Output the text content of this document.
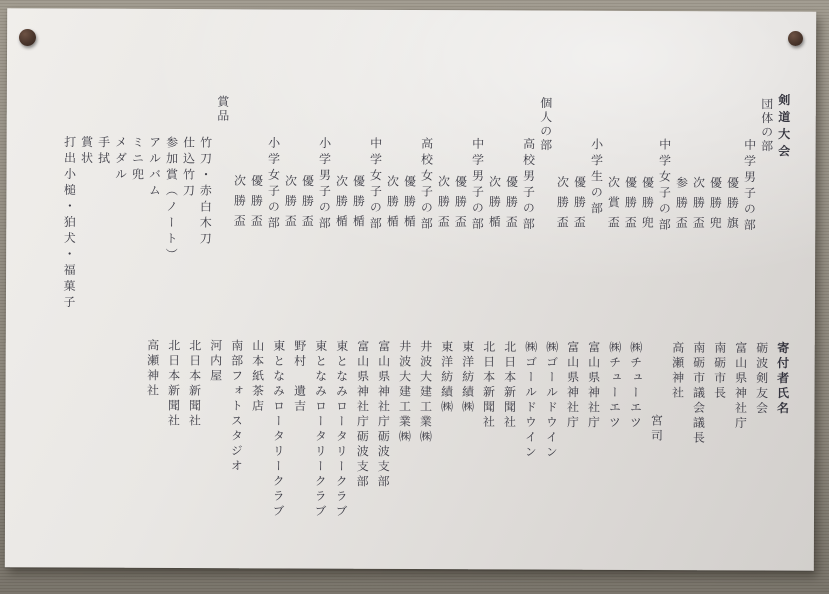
剣道大会
団体の部
中学男子の部
優勝旗
優勝兜
次勝盃
参勝盃
中学女子の部
優勝兜
優勝盃
次賞盃
小学生の部
優勝盃
次勝盃
個人の部
高校男子の部
優勝盃
次勝楯
中学男子の部
優勝盃
次勝盃
高校女子の部
優勝楯
次勝楯
中学女子の部
優勝楯
次勝楯
小学男子の部
優勝盃
次勝盃
小学女子の部
優勝盃
次勝盃
賞品
竹刀・赤白木刀
仕込竹刀
参加賞（ノート）
アルバム
ミニ兜
メダル
手拭
賞状
打出小槌・狛犬・福菓子
寄付者氏名
砺波剣友会
富山県神社庁
南砺市長
南砺市議会議長
高瀬神社
宮司
㈱チューエツ
㈱チューエツ
富山県神社庁
富山県神社庁
㈱ゴールドウイン
㈱ゴールドウイン
北日本新聞社
北日本新聞社
東洋紡績㈱
東洋紡績㈱
井波大建工業㈱
井波大建工業㈱
富山県神社庁砺波支部
富山県神社庁砺波支部
東となみロータリークラブ
東となみロータリークラブ
野村　遺吉
東となみロータリークラブ
山本紙茶店
南部フォトスタジオ
河内屋
北日本新聞社
北日本新聞社
高瀬神社
